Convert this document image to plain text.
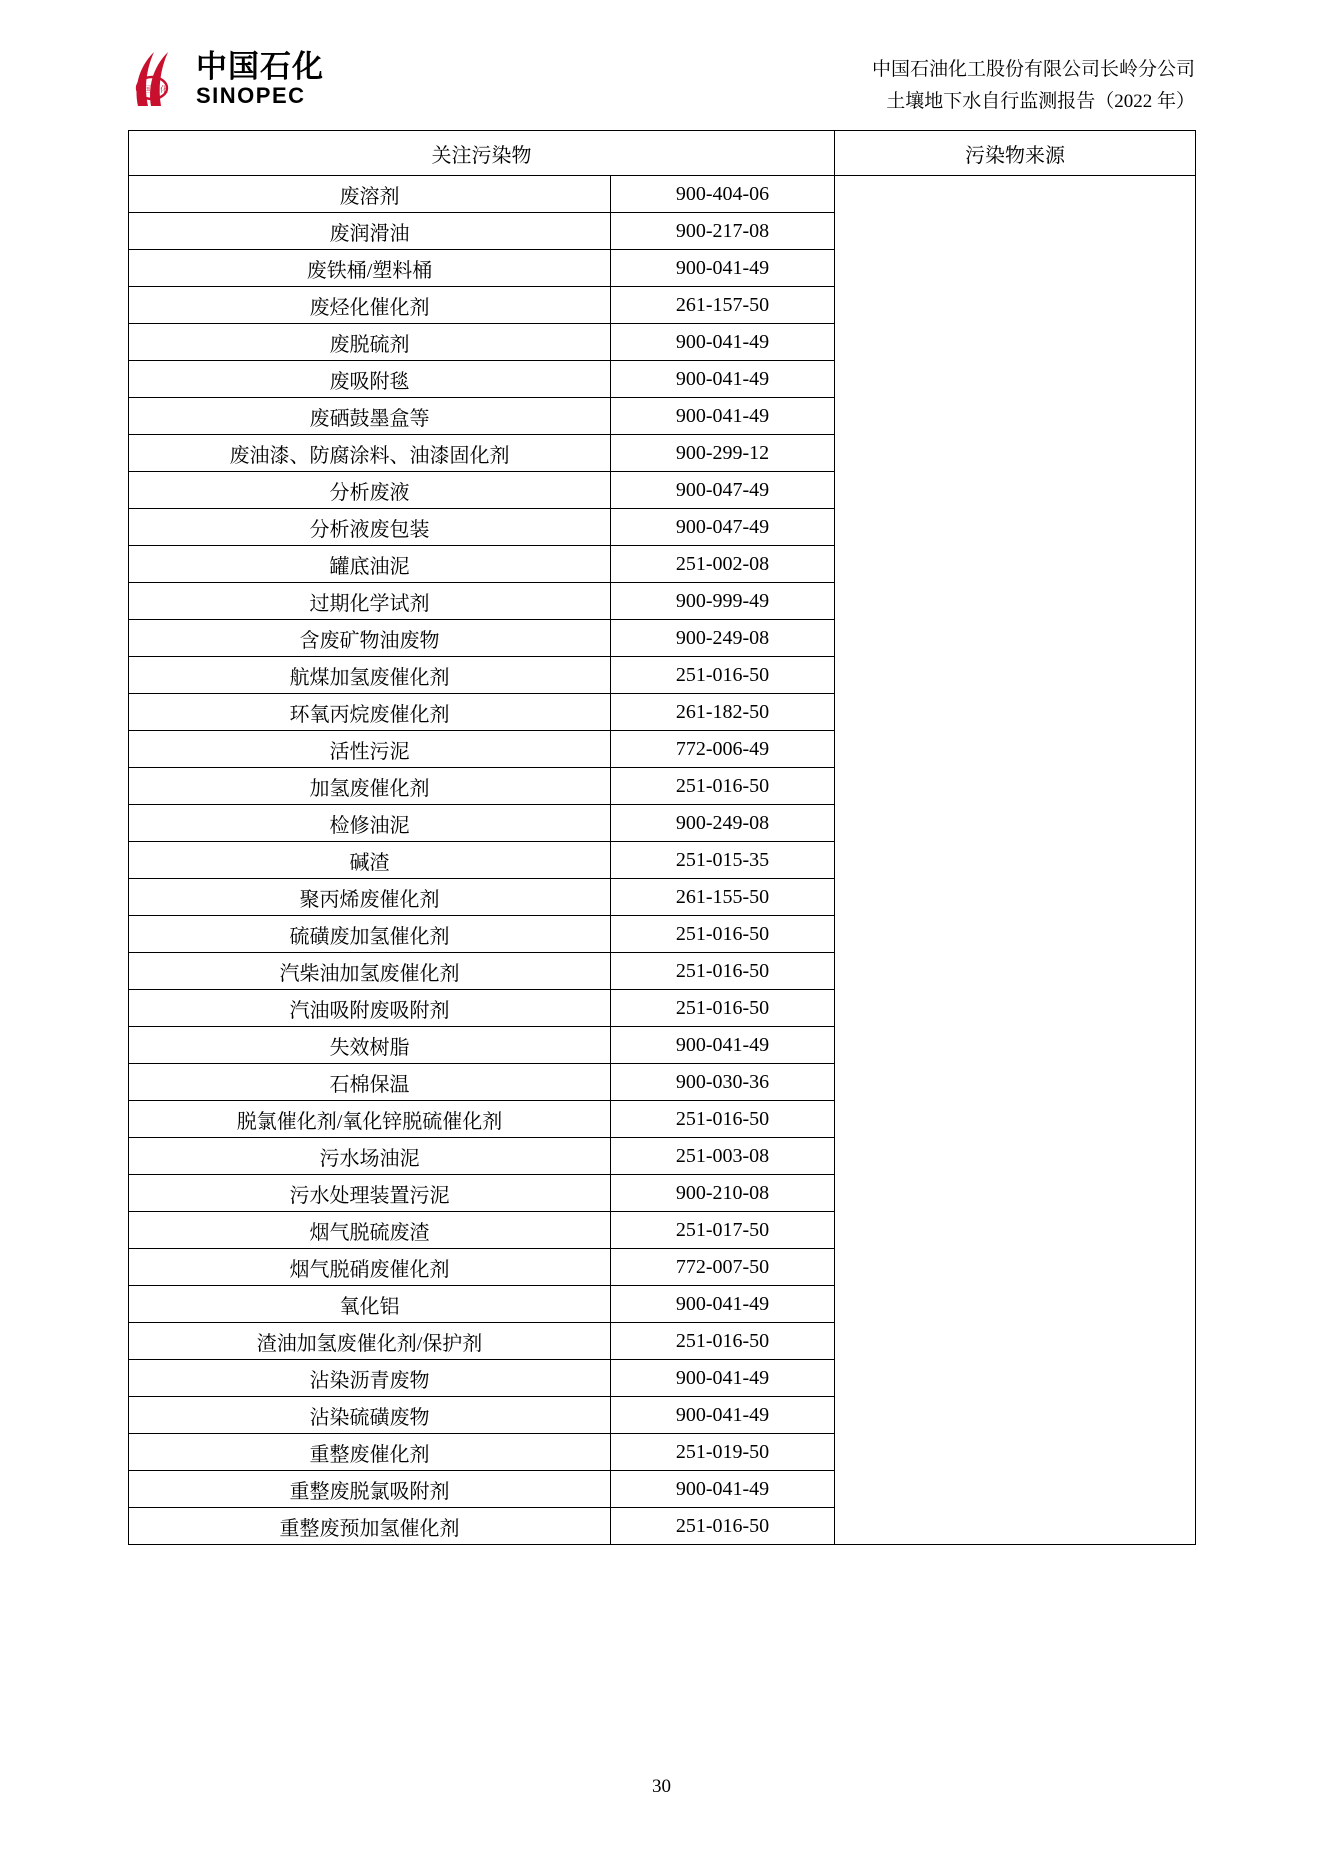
中国石化
中国石化
SINOPEC
中国石油化工股份有限公司长岭分公司
土壤地下水自行监测报告（2022 年）
关注污染物		污染物来源
废溶剂	900-404-06	
废润滑油	900-217-08	
废铁桶/塑料桶	900-041-49	
废烃化催化剂	261-157-50	
废脱硫剂	900-041-49	
废吸附毯	900-041-49	
废硒鼓墨盒等	900-041-49	
废油漆、防腐涂料、油漆固化剂	900-299-12	
分析废液	900-047-49	
分析液废包装	900-047-49	
罐底油泥	251-002-08	
过期化学试剂	900-999-49	
含废矿物油废物	900-249-08	
航煤加氢废催化剂	251-016-50	
环氧丙烷废催化剂	261-182-50	
活性污泥	772-006-49	
加氢废催化剂	251-016-50	
检修油泥	900-249-08	
碱渣	251-015-35	
聚丙烯废催化剂	261-155-50	
硫磺废加氢催化剂	251-016-50	
汽柴油加氢废催化剂	251-016-50	
汽油吸附废吸附剂	251-016-50	
失效树脂	900-041-49	
石棉保温	900-030-36	
脱氯催化剂/氧化锌脱硫催化剂	251-016-50	
污水场油泥	251-003-08	
污水处理装置污泥	900-210-08	
烟气脱硫废渣	251-017-50	
烟气脱硝废催化剂	772-007-50	
氧化铝	900-041-49	
渣油加氢废催化剂/保护剂	251-016-50	
沾染沥青废物	900-041-49	
沾染硫磺废物	900-041-49	
重整废催化剂	251-019-50	
重整废脱氯吸附剂	900-041-49	
重整废预加氢催化剂	251-016-50	
30
